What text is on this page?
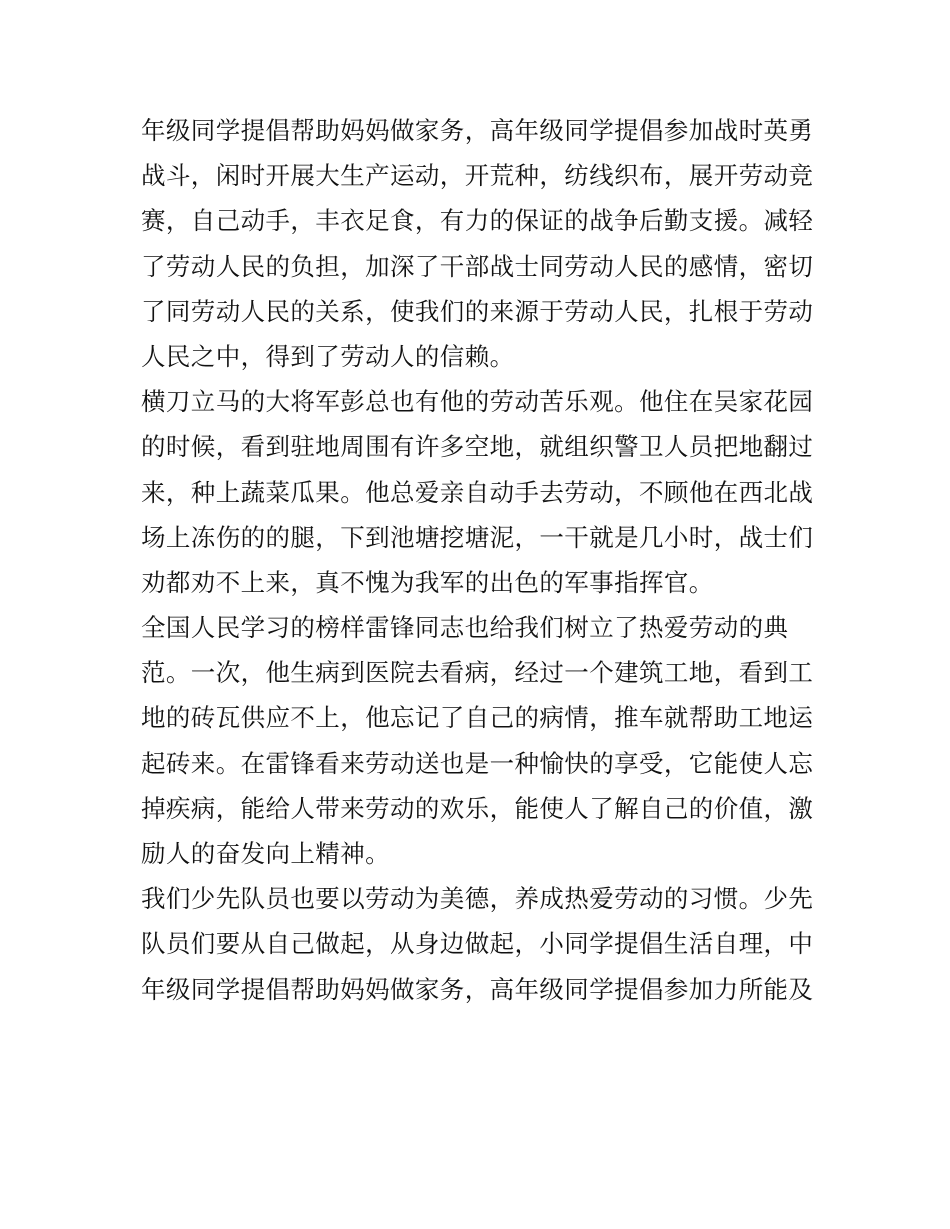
年级同学提倡帮助妈妈做家务，高年级同学提倡参加战时英勇
战斗，闲时开展大生产运动，开荒种，纺线织布，展开劳动竞
赛，自己动手，丰衣足食，有力的保证的战争后勤支援。减轻
了劳动人民的负担，加深了干部战士同劳动人民的感情，密切
了同劳动人民的关系，使我们的来源于劳动人民，扎根于劳动
人民之中，得到了劳动人的信赖。
横刀立马的大将军彭总也有他的劳动苦乐观。他住在吴家花园
的时候，看到驻地周围有许多空地，就组织警卫人员把地翻过
来，种上蔬菜瓜果。他总爱亲自动手去劳动，不顾他在西北战
场上冻伤的的腿，下到池塘挖塘泥，一干就是几小时，战士们
劝都劝不上来，真不愧为我军的出色的军事指挥官。
全国人民学习的榜样雷锋同志也给我们树立了热爱劳动的典
范。一次，他生病到医院去看病，经过一个建筑工地，看到工
地的砖瓦供应不上，他忘记了自己的病情，推车就帮助工地运
起砖来。在雷锋看来劳动送也是一种愉快的享受，它能使人忘
掉疾病，能给人带来劳动的欢乐，能使人了解自己的价值，激
励人的奋发向上精神。
我们少先队员也要以劳动为美德，养成热爱劳动的习惯。少先
队员们要从自己做起，从身边做起，小同学提倡生活自理，中
年级同学提倡帮助妈妈做家务，高年级同学提倡参加力所能及
